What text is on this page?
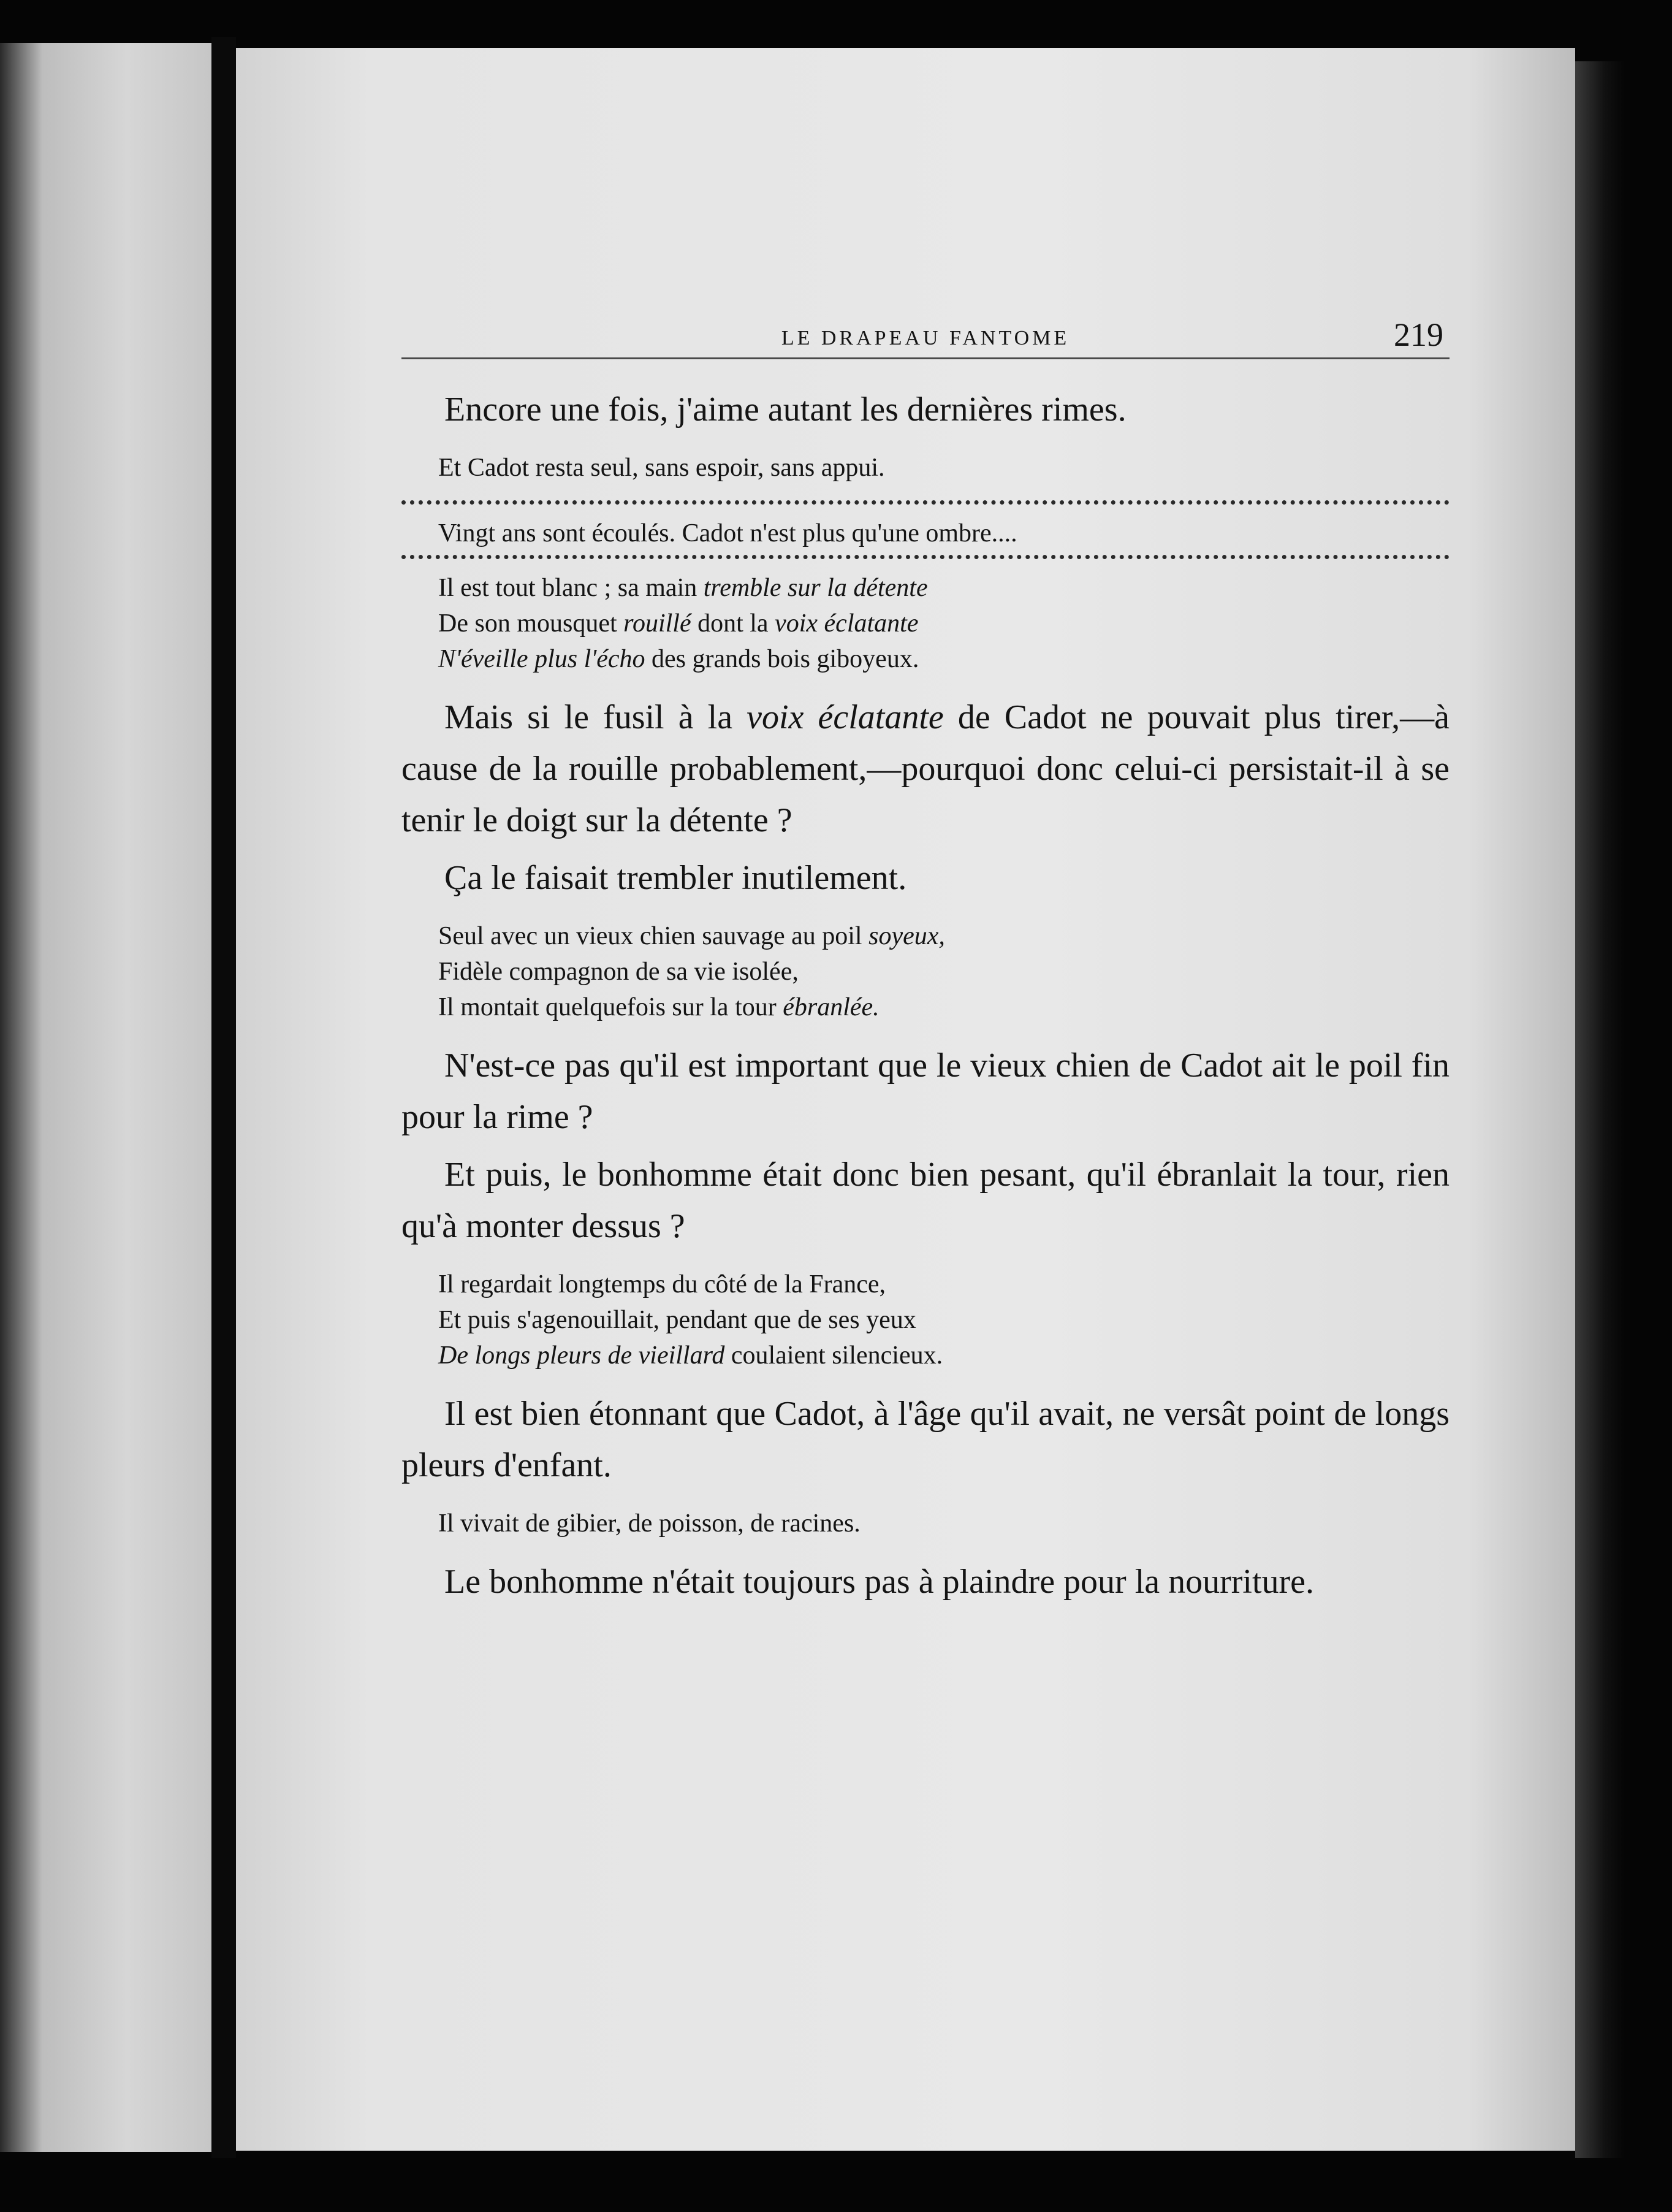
LE DRAPEAU FANTOME	219

Encore une fois, j'aime autant les dernières rimes.

Et Cadot resta seul, sans espoir, sans appui.
Vingt ans sont écoulés. Cadot n'est plus qu'une ombre....
Il est tout blanc ; sa main tremble sur la détente
De son mousquet rouillé dont la voix éclatante
N'éveille plus l'écho des grands bois giboyeux.

Mais si le fusil à la voix éclatante de Cadot ne pouvait plus tirer,—à cause de la rouille probablement,—pourquoi donc celui-ci persistait-il à se tenir le doigt sur la détente ?

Ça le faisait trembler inutilement.

Seul avec un vieux chien sauvage au poil soyeux,
Fidèle compagnon de sa vie isolée,
Il montait quelquefois sur la tour ébranlée.

N'est-ce pas qu'il est important que le vieux chien de Cadot ait le poil fin pour la rime ?

Et puis, le bonhomme était donc bien pesant, qu'il ébranlait la tour, rien qu'à monter dessus ?

Il regardait longtemps du côté de la France,
Et puis s'agenouillait, pendant que de ses yeux
De longs pleurs de vieillard coulaient silencieux.

Il est bien étonnant que Cadot, à l'âge qu'il avait, ne versât point de longs pleurs d'enfant.

Il vivait de gibier, de poisson, de racines.

Le bonhomme n'était toujours pas à plaindre pour la nourriture.
